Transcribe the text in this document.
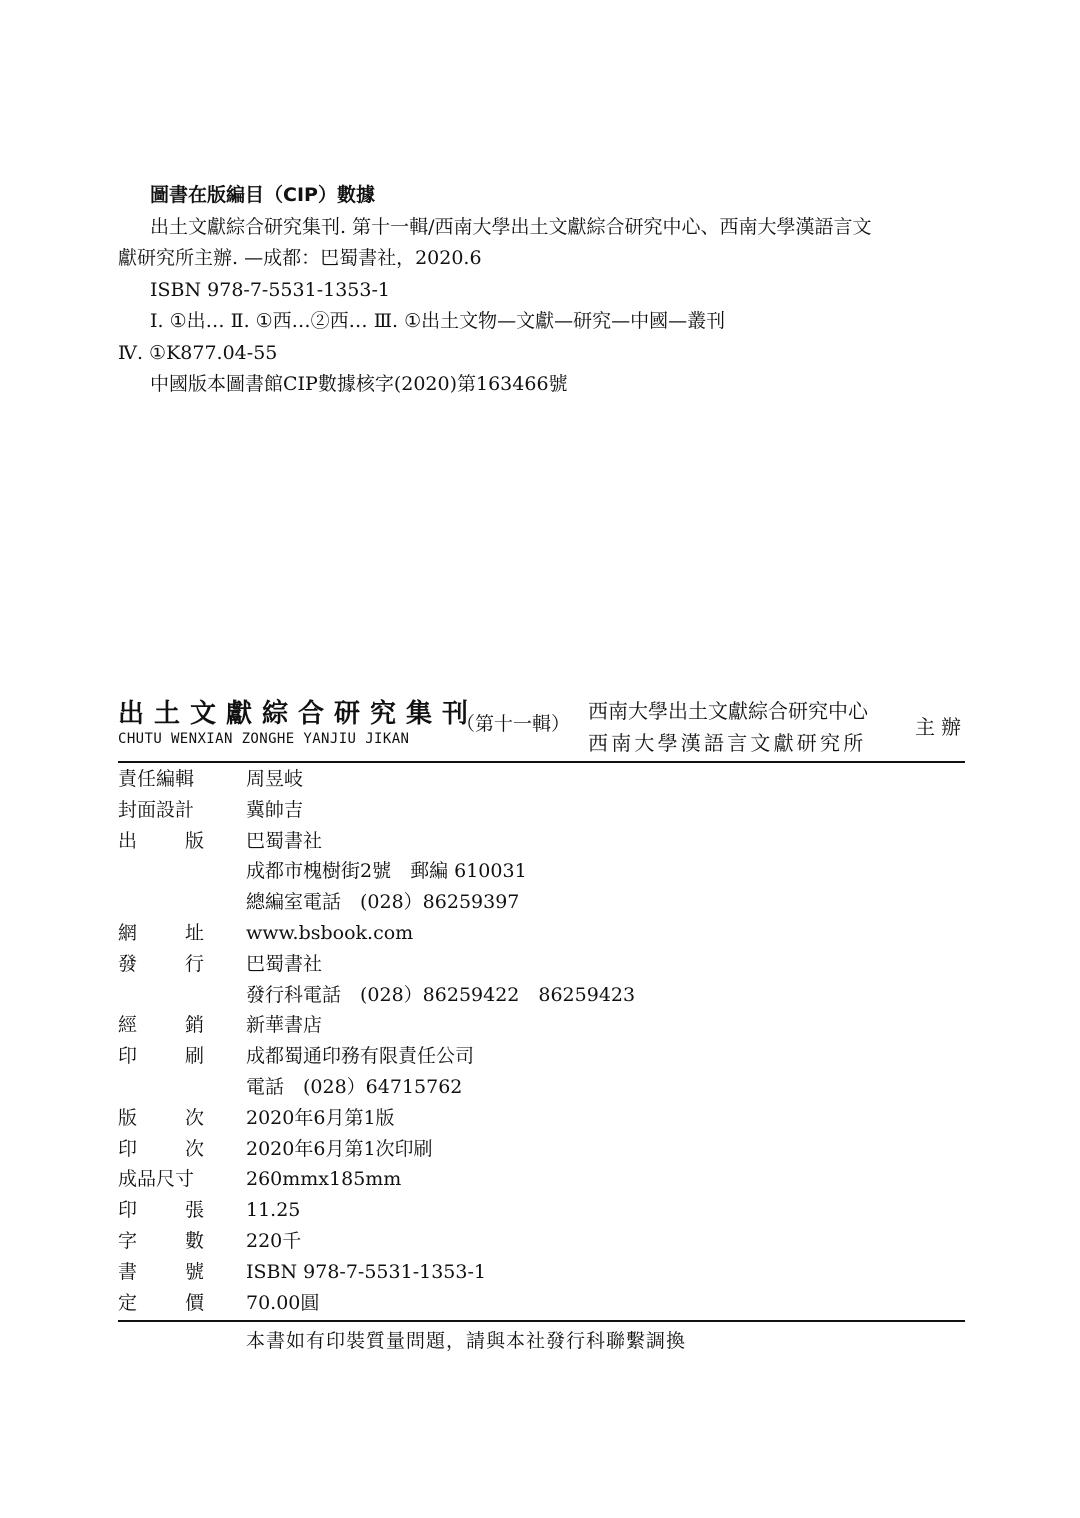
圖書在版編目（CIP）數據
出土文獻綜合研究集刊. 第十一輯/西南大學出土文獻綜合研究中心、西南大學漢語言文
獻研究所主辦. —成都：巴蜀書社，2020.6
ISBN 978-7-5531-1353-1
Ⅰ. ①出… Ⅱ. ①西…②西… Ⅲ. ①出土文物—文獻—研究—中國—叢刊
Ⅳ. ①K877.04-55
中國版本圖書館CIP數據核字(2020)第163466號
出土文獻綜合研究集刊
CHUTU WENXIAN ZONGHE YANJIU JIKAN
（第十一輯）
西南大學出土文獻綜合研究中心
西南大學漢語言文獻研究所
主辦
責任編輯	周昱岐
封面設計	冀帥吉
出	版 巴蜀書社
成都市槐樹街2號　郵編 610031
總編室電話　(028）86259397
網	址 www.bsbook.com
發	行 巴蜀書社
發行科電話　(028）86259422　86259423
經	銷 新華書店
印	刷 成都蜀通印務有限責任公司
電話　(028）64715762
版	次 2020年6月第1版
印	次 2020年6月第1次印刷
成品尺寸	260mmx185mm
印	張 11.25
字	數 220千
書	號 ISBN 978-7-5531-1353-1
定	價 70.00圓
本書如有印裝質量問題，請與本社發行科聯繫調換
